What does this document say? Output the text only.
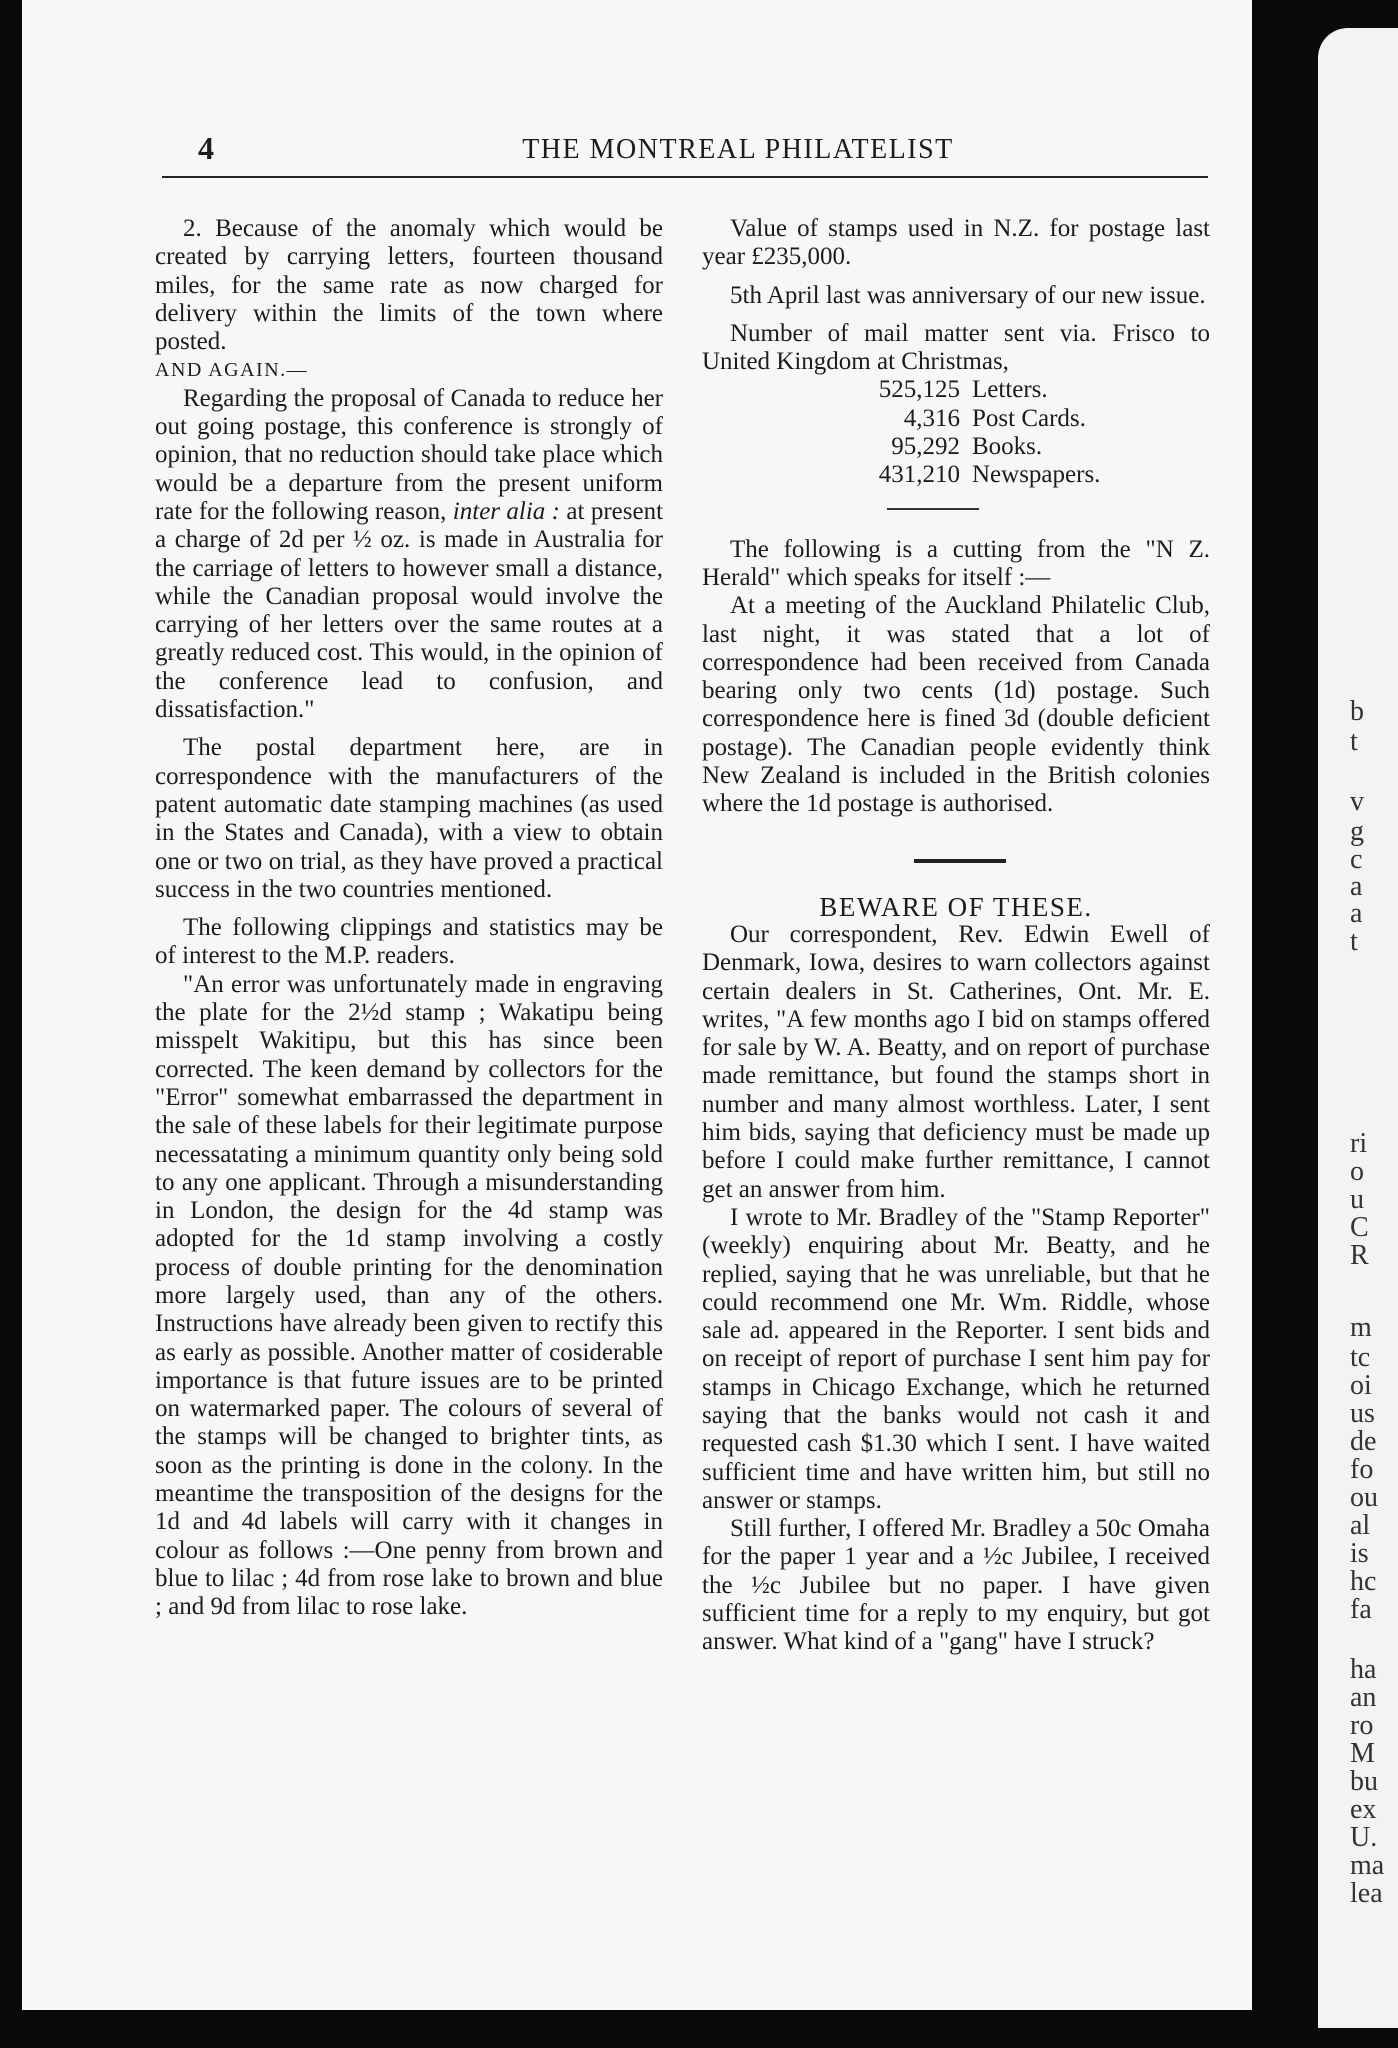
b
t
v
g
c
a
a
t
ri
o
u
C
R
m
tc
oi
us
de
fo
ou
al
is
hc
fa
ha
an
ro
M
bu
ex
U.
ma
lea
4	THE MONTREAL PHILATELIST

2. Because of the anomaly which would be created by carrying letters, fourteen thousand miles, for the same rate as now charged for delivery within the limits of the town where posted.

AND AGAIN.—

Regarding the proposal of Canada to reduce her out going postage, this conference is strongly of opinion, that no reduction should take place which would be a departure from the present uniform rate for the following reason, inter alia : at present a charge of 2d per ½ oz. is made in Australia for the carriage of letters to however small a distance, while the Canadian proposal would involve the carrying of her letters over the same routes at a greatly reduced cost. This would, in the opinion of the conference lead to confusion, and dissatisfaction."

The postal department here, are in correspondence with the manufacturers of the patent automatic date stamping machines (as used in the States and Canada), with a view to obtain one or two on trial, as they have proved a practical success in the two countries mentioned.

The following clippings and statistics may be of interest to the M.P. readers.

"An error was unfortunately made in engraving the plate for the 2½d stamp ; Wakatipu being misspelt Wakitipu, but this has since been corrected. The keen demand by collectors for the "Error" somewhat embarrassed the department in the sale of these labels for their legitimate purpose necessatating a minimum quantity only being sold to any one applicant. Through a misunderstanding in London, the design for the 4d stamp was adopted for the 1d stamp involving a costly process of double printing for the denomination more largely used, than any of the others. Instructions have already been given to rectify this as early as possible. Another matter of cosiderable importance is that future issues are to be printed on watermarked paper. The colours of several of the stamps will be changed to brighter tints, as soon as the printing is done in the colony. In the meantime the transposition of the designs for the 1d and 4d labels will carry with it changes in colour as follows :—One penny from brown and blue to lilac ; 4d from rose lake to brown and blue ; and 9d from lilac to rose lake.

Value of stamps used in N.Z. for postage last year £235,000.

5th April last was anniversary of our new issue.

Number of mail matter sent via. Frisco to United Kingdom at Christmas,

525,125 Letters.
4,316 Post Cards.
95,292 Books.
431,210 Newspapers.

The following is a cutting from the "N Z. Herald" which speaks for itself :—

At a meeting of the Auckland Philatelic Club, last night, it was stated that a lot of correspondence had been received from Canada bearing only two cents (1d) postage. Such correspondence here is fined 3d (double deficient postage). The Canadian people evidently think New Zealand is included in the British colonies where the 1d postage is authorised.

BEWARE OF THESE.

Our correspondent, Rev. Edwin Ewell of Denmark, Iowa, desires to warn collectors against certain dealers in St. Catherines, Ont. Mr. E. writes, "A few months ago I bid on stamps offered for sale by W. A. Beatty, and on report of purchase made remittance, but found the stamps short in number and many almost worthless. Later, I sent him bids, saying that deficiency must be made up before I could make further remittance, I cannot get an answer from him.

I wrote to Mr. Bradley of the "Stamp Reporter" (weekly) enquiring about Mr. Beatty, and he replied, saying that he was unreliable, but that he could recommend one Mr. Wm. Riddle, whose sale ad. appeared in the Reporter. I sent bids and on receipt of report of purchase I sent him pay for stamps in Chicago Exchange, which he returned saying that the banks would not cash it and requested cash $1.30 which I sent. I have waited sufficient time and have written him, but still no answer or stamps.

Still further, I offered Mr. Bradley a 50c Omaha for the paper 1 year and a ½c Jubilee, I received the ½c Jubilee but no paper. I have given sufficient time for a reply to my enquiry, but got answer. What kind of a "gang" have I struck?
